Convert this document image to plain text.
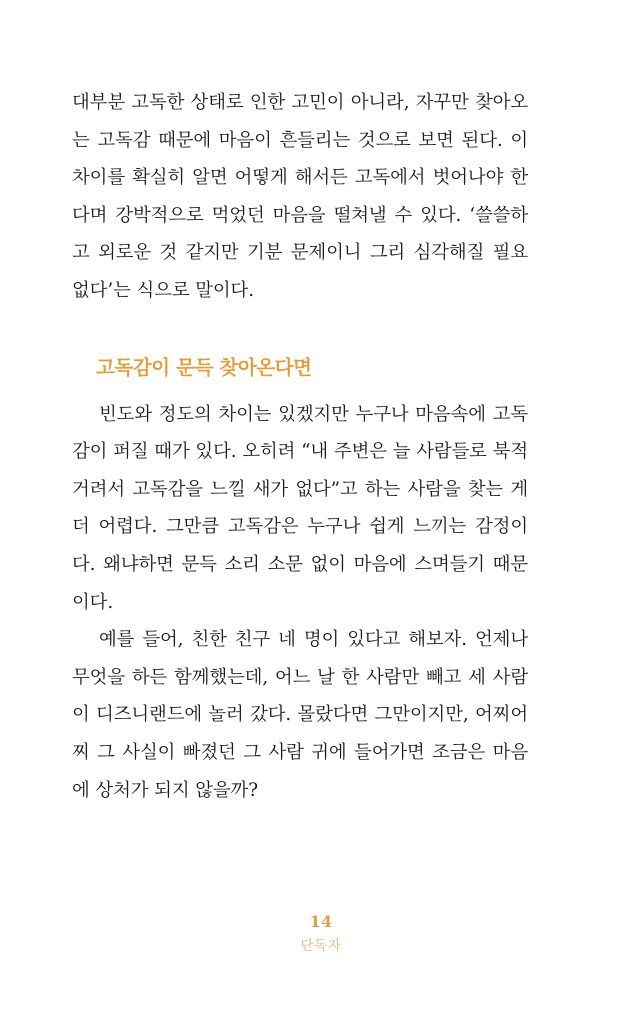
대부분 고독한 상태로 인한 고민이 아니라, 자꾸만 찾아오는 고독감 때문에 마음이 흔들리는 것으로 보면 된다. 이 차이를 확실히 알면 어떻게 해서든 고독에서 벗어나야 한다며 강박적으로 먹었던 마음을 떨쳐낼 수 있다. ‘쓸쓸하고 외로운 것 같지만 기분 문제이니 그리 심각해질 필요 없다’는 식으로 말이다.

고독감이 문득 찾아온다면

빈도와 정도의 차이는 있겠지만 누구나 마음속에 고독감이 퍼질 때가 있다. 오히려 “내 주변은 늘 사람들로 북적거려서 고독감을 느낄 새가 없다”고 하는 사람을 찾는 게 더 어렵다. 그만큼 고독감은 누구나 쉽게 느끼는 감정이다. 왜냐하면 문득 소리 소문 없이 마음에 스며들기 때문이다.

예를 들어, 친한 친구 네 명이 있다고 해보자. 언제나 무엇을 하든 함께했는데, 어느 날 한 사람만 빼고 세 사람이 디즈니랜드에 놀러 갔다. 몰랐다면 그만이지만, 어찌어찌 그 사실이 빠졌던 그 사람 귀에 들어가면 조금은 마음에 상처가 되지 않을까?

14
단독자
